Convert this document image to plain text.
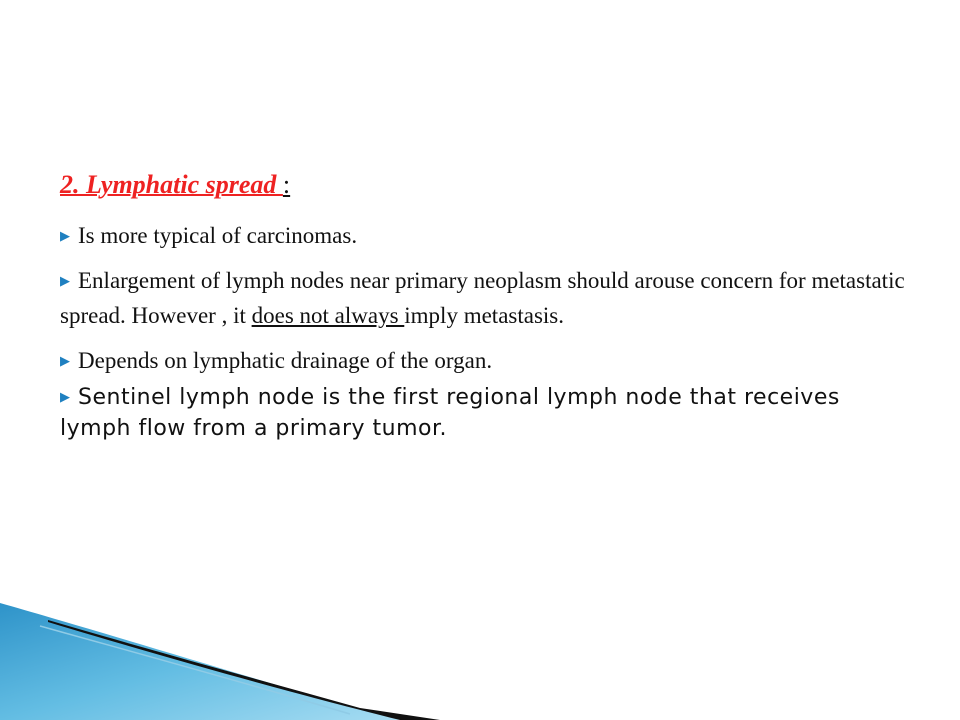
2. Lymphatic spread :
▶ Is more typical of carcinomas.
▶ Enlargement of lymph nodes near primary neoplasm should arouse concern for metastatic spread. However , it does not always imply metastasis.
▶ Depends on lymphatic drainage of the organ.
▶ Sentinel lymph node is the first regional lymph node that receives lymph flow from a primary tumor.
